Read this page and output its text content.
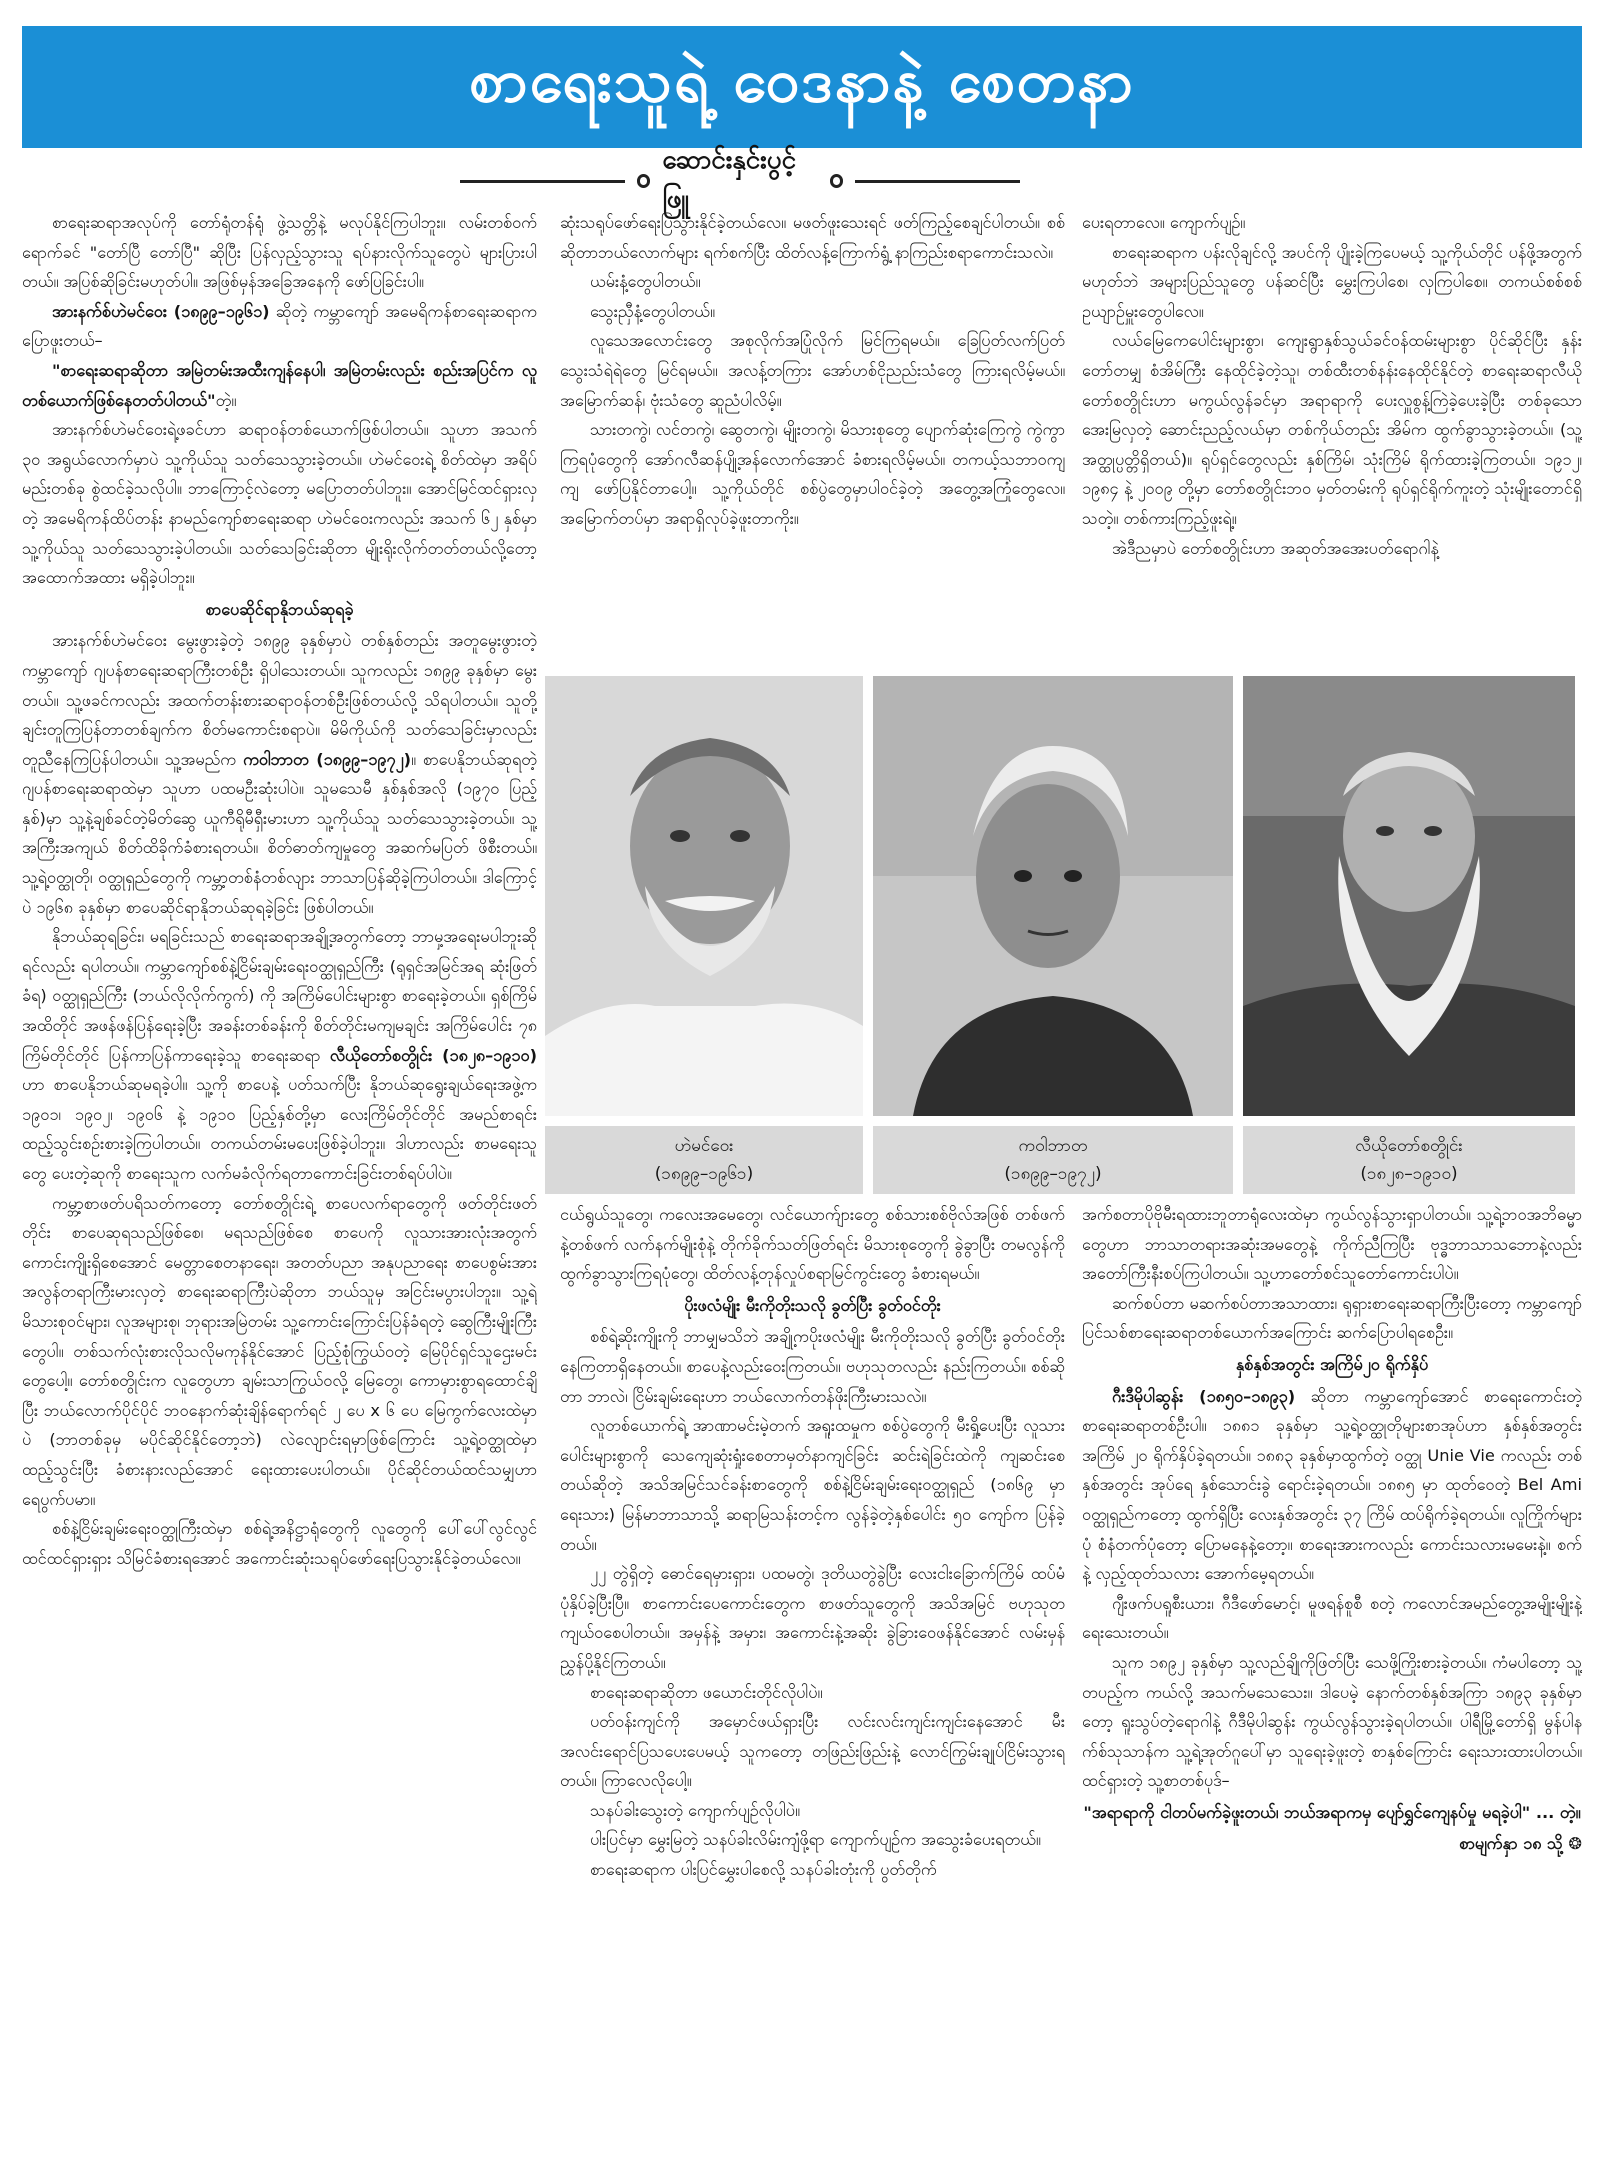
စာရေးသူရဲ့ ဝေဒနာနဲ့ စေတနာ
ဆောင်းနှင်းပွင့်ဖြူ

စာရေးဆရာအလုပ်ကို တော်ရုံတန်ရုံ ဖွဲ့သတ္တိနဲ့ မလုပ်နိုင်ကြပါဘူး။ လမ်းတစ်ဝက်ရောက်ခင် "တော်ပြီ တော်ပြီ" ဆိုပြီး ပြန်လှည့်သွားသူ ရပ်နားလိုက်သူတွေပဲ များပြားပါတယ်။ အပြစ်ဆိုခြင်းမဟုတ်ပါ။ အဖြစ်မှန်အခြေအနေကို ဖော်ပြခြင်းပါ။

အားနက်စ်ဟဲမင်ဝေး (၁၈၉၉–၁၉၆၁) ဆိုတဲ့ ကမ္ဘာကျော် အမေရိကန်စာရေးဆရာက ပြောဖူးတယ်–

"စာရေးဆရာဆိုတာ အမြဲတမ်းအထီးကျန်နေပါ၊ အမြဲတမ်းလည်း စည်းအပြင်က လူတစ်ယောက်ဖြစ်နေတတ်ပါတယ်"တဲ့။

အားနက်စ်ဟဲမင်ဝေးရဲ့ဖခင်ဟာ ဆရာဝန်တစ်ယောက်ဖြစ်ပါတယ်။ သူဟာ အသက် ၃၀ အရွယ်လောက်မှာပဲ သူ့ကိုယ်သူ သတ်သေသွားခဲ့တယ်။ ဟဲမင်ဝေးရဲ့ စိတ်ထဲမှာ အရိပ်မည်းတစ်ခု စွဲထင်ခဲ့သလိုပါ။ ဘာကြောင့်လဲတော့ မပြောတတ်ပါဘူး။ အောင်မြင်ထင်ရှားလှတဲ့ အမေရိကန်ထိပ်တန်း နာမည်ကျော်စာရေးဆရာ ဟဲမင်ဝေးကလည်း အသက် ၆၂ နှစ်မှာ သူ့ကိုယ်သူ သတ်သေသွားခဲ့ပါတယ်။ သတ်သေခြင်းဆိုတာ မျိုးရိုးလိုက်တတ်တယ်လို့တော့ အထောက်အထား မရှိခဲ့ပါဘူး။

စာပေဆိုင်ရာနိုဘယ်ဆုရခဲ့

အားနက်စ်ဟဲမင်ဝေး မွေးဖွားခဲ့တဲ့ ၁၈၉၉ ခုနှစ်မှာပဲ တစ်နှစ်တည်း အတူမွေးဖွားတဲ့ ကမ္ဘာကျော် ဂျပန်စာရေးဆရာကြီးတစ်ဦး ရှိပါသေးတယ်။ သူကလည်း ၁၈၉၉ ခုနှစ်မှာ မွေးတယ်။ သူ့ဖခင်ကလည်း အထက်တန်းစားဆရာဝန်တစ်ဦးဖြစ်တယ်လို့ သိရပါတယ်။ သူတို့ချင်းတူကြပြန်တာတစ်ချက်က စိတ်မကောင်းစရာပဲ။ မိမိကိုယ်ကို သတ်သေခြင်းမှာလည်း တူညီနေကြပြန်ပါတယ်။ သူ့အမည်က ကဝါဘာတ (၁၈၉၉–၁၉၇၂)။ စာပေနိုဘယ်ဆုရတဲ့ဂျပန်စာရေးဆရာထဲမှာ သူဟာ ပထမဦးဆုံးပါပဲ။ သူမသေမီ နှစ်နှစ်အလို (၁၉၇၀ ပြည့်နှစ်)မှာ သူ့နဲ့ချစ်ခင်တဲ့မိတ်ဆွေ ယူကီရိုမီရှီးမားဟာ သူ့ကိုယ်သူ သတ်သေသွားခဲ့တယ်။ သူ့အကြီးအကျယ် စိတ်ထိခိုက်ခံစားရတယ်။ စိတ်ဓာတ်ကျမှုတွေ အဆက်မပြတ် ဖိစီးတယ်။ သူ့ရဲ့ဝတ္ထုတို၊ ဝတ္ထုရှည်တွေကို ကမ္ဘာ့တစ်နံတစ်လျား ဘာသာပြန်ဆိုခဲ့ကြပါတယ်။ ဒါကြောင့်ပဲ ၁၉၆၈ ခုနှစ်မှာ စာပေဆိုင်ရာနိုဘယ်ဆုရခဲ့ခြင်း ဖြစ်ပါတယ်။

နိုဘယ်ဆုရခြင်း၊ မရခြင်းသည် စာရေးဆရာအချို့အတွက်တော့ ဘာမှ့အရေးမပါဘူးဆိုရင်လည်း ရပါတယ်။ ကမ္ဘာကျော်စစ်နဲ့ငြိမ်းချမ်းရေးဝတ္ထုရှည်ကြီး (ရုရှင်အမြင်အရ ဆုံးဖြတ်ခံရ) ဝတ္ထုရှည်ကြီး (ဘယ်လိုလိုက်ကွက်) ကို အကြိမ်ပေါင်းများစွာ စာရေးခဲ့တယ်။ ရှစ်ကြိမ် အထိတိုင် အဖန်ဖန်ပြန်ရေးခဲ့ပြီး အခန်းတစ်ခန်းကို စိတ်တိုင်းမကျမချင်း အကြိမ်ပေါင်း ၇၈ ကြိမ်တိုင်တိုင် ပြန်ကာပြန်ကာရေးခဲ့သူ စာရေးဆရာ လီယိုတော်စတွိုင်း (၁၈၂၈–၁၉၁၀) ဟာ စာပေနိုဘယ်ဆုမရခဲ့ပါ။ သူ့ကို စာပေနဲ့ ပတ်သက်ပြီး နိုဘယ်ဆုရွေးချယ်ရေးအဖွဲ့က ၁၉၀၁၊ ၁၉၀၂၊ ၁၉၀၆ နဲ့ ၁၉၁၀ ပြည့်နှစ်တို့မှာ လေးကြိမ်တိုင်တိုင် အမည်စာရင်း ထည့်သွင်းစဉ်းစားခဲ့ကြပါတယ်။ တကယ်တမ်းမပေးဖြစ်ခဲ့ပါဘူး။ ဒါဟာလည်း စာမရေးသူတွေ ပေးတဲ့ဆုကို စာရေးသူက လက်မခံလိုက်ရတာကောင်းခြင်းတစ်ရပ်ပါပဲ။

ကမ္ဘာ့စာဖတ်ပရိသတ်ကတော့ တော်စတွိုင်းရဲ့ စာပေလက်ရာတွေကို ဖတ်တိုင်းဖတ်တိုင်း စာပေဆုရသည်ဖြစ်စေ၊ မရသည်ဖြစ်စေ စာပေကို လူသားအားလုံးအတွက် ကောင်းကျိုးရှိစေအောင် မေတ္တာစေတနာရေး၊ အတတ်ပညာ အနုပညာရေး စာပေစွမ်းအား အလွန်တရာကြီးမားလှတဲ့ စာရေးဆရာကြီးပဲဆိုတာ ဘယ်သူမှ အငြင်းမပွားပါဘူး။ သူ့ရဲ့မိသားစုဝင်များ၊ လူအများစု၊ ဘုရားအမြဲတမ်း သူ့ကောင်းကြောင်းပြန်ခံရတဲ့ ဆွေကြီးမျိုးကြီးတွေပါ။ တစ်သက်လုံးစားလိုသလိုမကုန်နိုင်အောင် ပြည့်စုံကြွယ်ဝတဲ့ မြေပိုင်ရှင်သူဌေးမင်းတွေပေါ့။ တော်စတွိုင်းက လူတွေဟာ ချမ်းသာကြွယ်ဝလို့ မြေတွေ၊ ကောမှားစွာရထောင်ချိပြီး ဘယ်လောက်ပိုင်ပိုင် ဘဝနောက်ဆုံးချိန်ရောက်ရင် ၂ ပေ x ၆ ပေ မြေကွက်လေးထဲမှာပဲ (ဘာတစ်ခုမှ မပိုင်ဆိုင်နိုင်တော့ဘဲ) လဲလျောင်းရမှာဖြစ်ကြောင်း သူ့ရဲ့ဝတ္ထုထဲမှာ ထည့်သွင်းပြီး ခံစားနားလည်အောင် ရေးထားပေးပါတယ်။ ပိုင်ဆိုင်တယ်ထင်သမျှဟာ ရေပွက်ပမာ။

စစ်နဲ့ငြိမ်းချမ်းရေးဝတ္ထုကြီးထဲမှာ စစ်ရဲ့အနိဋ္ဌာရုံတွေကို လူတွေကို ပေါ်ပေါ်လွင်လွင် ထင်ထင်ရှားရှား သိမြင်ခံစားရအောင် အကောင်းဆုံးသရုပ်ဖော်ရေးပြသွားနိုင်ခဲ့တယ်လေ။

ဆုံးသရုပ်ဖော်ရေးပြသွားနိုင်ခဲ့တယ်လေ။ မဖတ်ဖူးသေးရင် ဖတ်ကြည့်စေချင်ပါတယ်။ စစ်ဆိုတာဘယ်လောက်များ ရက်စက်ပြီး ထိတ်လန့်ကြောက်ရွံ့ နာကြည်းစရာကောင်းသလဲ။

ယမ်းနံ့တွေပါတယ်။

သွေးညှီနံ့တွေပါတယ်။

လူသေအလောင်းတွေ အစုလိုက်အပြုံလိုက် မြင်ကြရမယ်။ ခြေပြတ်လက်ပြတ် သွေးသံရဲရဲတွေ မြင်ရမယ်။ အလန့်တကြား အော်ဟစ်ငိုညည်းသံတွေ ကြားရလိမ့်မယ်။ အမြောက်ဆန်၊ ဗုံးသံတွေ ဆူညံပါလိမ့်။

သားတကွဲ၊ လင်တကွဲ၊ ဆွေတကွဲ၊ မျိုးတကွဲ၊ မိသားစုတွေ ပျောက်ဆုံးကြေကွဲ ကွဲကွာကြရပုံတွေကို အော်ဂလီဆန်ပျို့အန်လောက်အောင် ခံစားရလိမ့်မယ်။ တကယ့်သဘာဝကျကျ ဖော်ပြနိုင်တာပေါ့။ သူ့ကိုယ်တိုင် စစ်ပွဲတွေမှာပါဝင်ခဲ့တဲ့ အတွေ့အကြုံတွေလေ။ အမြောက်တပ်မှာ အရာရှိလုပ်ခဲ့ဖူးတာကိုး။

ပေးရတာလေ။ ကျောက်ပျဉ်။

စာရေးဆရာက ပန်းလိုချင်လို့ အပင်ကို ပျိုးခဲ့ကြပေမယ့် သူ့ကိုယ်တိုင် ပန်ဖို့အတွက်မဟုတ်ဘဲ အများပြည်သူတွေ ပန်ဆင်ပြီး မွှေးကြပါစေ၊ လှကြပါစေ။ တကယ်စစ်စစ် ဥယျာဉ်မှူးတွေပါလေ။

လယ်မြေကေပေါင်းများစွာ၊ ကျေးရွာနှစ်သွယ်ခင်ဝန်ထမ်းများစွာ ပိုင်ဆိုင်ပြီး နှန်းတော်တမျှ စံအိမ်ကြီး နေထိုင်ခဲ့တဲ့သူ၊ တစ်ထီးတစ်နန်းနေထိုင်နိုင်တဲ့ စာရေးဆရာလီယိုတော်စတွိုင်းဟာ မကွယ်လွန်ခင်မှာ အရာရာကို ပေးလှူစွန့်ကြဲခဲ့ပေးခဲ့ပြီး တစ်ခုသော အေးမြလှတဲ့ ဆောင်းညည့်လယ်မှာ တစ်ကိုယ်တည်း အိမ်က ထွက်ခွာသွားခဲ့တယ်။ (သူ့အတ္ထုပ္ပတ္တိရှိတယ်)။ ရုပ်ရှင်တွေလည်း နှစ်ကြိမ်၊ သုံးကြိမ် ရိုက်ထားခဲ့ကြတယ်။ ၁၉၁၂၊ ၁၉၈၄ နဲ့ ၂၀၀၉ တို့မှာ တော်စတွိုင်းဘဝ မှတ်တမ်းကို ရုပ်ရှင်ရိုက်ကူးတဲ့ သုံးမျိုးတောင်ရှိသတဲ့။ တစ်ကားကြည့်ဖူးရဲ့။

အဲဒီညမှာပဲ တော်စတွိုင်းဟာ အဆုတ်အအေးပတ်ရောဂါနဲ့

ဟဲမင်ဝေး
(၁၈၉၉–၁၉၆၁)
ကဝါဘာတ
(၁၈၉၉–၁၉၇၂)
လီယိုတော်စတွိုင်း
(၁၈၂၈–၁၉၁၀)

ငယ်ရွယ်သူတွေ၊ ကလေးအမေတွေ၊ လင်ယောက်ျားတွေ စစ်သားစစ်ဗိုလ်အဖြစ် တစ်ဖက်နဲ့တစ်ဖက် လက်နက်မျိုးစုံနဲ့ တိုက်ခိုက်သတ်ဖြတ်ရင်း မိသားစုတွေကို ခွဲခွာပြီး တမလွန်ကို ထွက်ခွာသွားကြရပုံတွေ၊ ထိတ်လန့်တုန်လှုပ်စရာမြင်ကွင်းတွေ ခံစားရမယ်။

ပိုးဖလံမျိုး မီးကိုတိုးသလို ခွတ်ပြီး ခွတ်ဝင်တိုး

စစ်ရဲ့ဆိုးကျိုးကို ဘာမျှမသိဘဲ အချို့ကပိုးဖလံမျိုး မီးကိုတိုးသလို ခွတ်ပြီး ခွတ်ဝင်တိုးနေကြတာရှိနေတယ်။ စာပေနဲ့လည်းဝေးကြတယ်။ ဗဟုသုတလည်း နည်းကြတယ်။ စစ်ဆိုတာ ဘာလဲ၊ ငြိမ်းချမ်းရေးဟာ ဘယ်လောက်တန်ဖိုးကြီးမားသလဲ။

လူတစ်ယောက်ရဲ့ အာဏာမင်းမဲ့တက် အရူးထမှုက စစ်ပွဲတွေကို မီးရှို့ပေးပြီး လူသားပေါင်းများစွာကို သေကျေဆုံးရှုံးစေတာမှတ်နာကျင်ခြင်း ဆင်းရဲခြင်းထဲကို ကျဆင်းစေတယ်ဆိုတဲ့ အသိအမြင်သင်ခန်းစာတွေကို စစ်နဲ့ငြိမ်းချမ်းရေးဝတ္ထုရှည် (၁၈၆၉ မှာ ရေးသား) မြန်မာဘာသာသို့ ဆရာမြသန်းတင့်က လွန်ခဲ့တဲ့နှစ်ပေါင်း ၅၀ ကျော်က ပြန်ခဲ့တယ်။

၂၂ တွဲရှိတဲ့ ဓောင်ရေမှားရှား၊ ပထမတွဲ၊ ဒုတိယတွဲခွဲပြီး လေးငါးခြောက်ကြိမ် ထပ်မံပုံနှိပ်ခဲ့ပြီးပြီ။ စာကောင်းပေကောင်းတွေက စာဖတ်သူတွေကို အသိအမြင် ဗဟုသုတ ကျယ်ဝစေပါတယ်။ အမှန်နဲ့ အမှား၊ အကောင်းနဲ့အဆိုး ခွဲခြားဝေဖန်နိုင်အောင် လမ်းမှန်ညွှန်ပို့နိုင်ကြတယ်။

စာရေးဆရာဆိုတာ ဖယောင်းတိုင်လိုပါပဲ။

ပတ်ဝန်းကျင်ကို အမှောင်ဖယ်ရှားပြီး လင်းလင်းကျင်းကျင်းနေအောင် မီးအလင်းရောင်ပြသပေးပေမယ့် သူကတော့ တဖြည်းဖြည်းနဲ့ လောင်ကြွမ်းချုပ်ငြိမ်းသွားရတယ်။ ကြာလေလိုပေါ့။

သနပ်ခါးသွေးတဲ့ ကျောက်ပျဉ်လိုပါပဲ။

ပါးပြင်မှာ မွှေးမြတဲ့ သနပ်ခါးလိမ်းကျံဖို့ရာ ကျောက်ပျဉ်က အသွေးခံပေးရတယ်။

စာရေးဆရာက ပါးပြင်မွှေးပါစေလို့ သနပ်ခါးတုံးကို ပွတ်တိုက်

အက်စတာပိုဗိုမီးရထားဘူတာရုံလေးထဲမှာ ကွယ်လွန်သွားရှာပါတယ်။ သူ့ရဲ့ဘဝအဘိဓမ္မာတွေဟာ ဘာသာတရားအဆုံးအမတွေနဲ့ ကိုက်ညီကြပြီး ဗုဒ္ဓဘာသာသဘောနဲ့လည်း အတော်ကြီးနီးစပ်ကြပါတယ်။ သူ့ဟာတော်စင်သူတော်ကောင်းပါပဲ။

ဆက်စပ်တာ မဆက်စပ်တာအသာထား၊ ရုရှားစာရေးဆရာကြီးပြီးတော့ ကမ္ဘာကျော် ပြင်သစ်စာရေးဆရာတစ်ယောက်အကြောင်း ဆက်ပြောပါရစေဦး။

နှစ်နှစ်အတွင်း အကြိမ်၂၀ ရိုက်နှိပ်

ဂီးဒီမိုပါဆွန်း (၁၈၅၀–၁၈၉၃) ဆိုတာ ကမ္ဘာကျော်အောင် စာရေးကောင်းတဲ့ စာရေးဆရာတစ်ဦးပါ။ ၁၈၈၁ ခုနှစ်မှာ သူ့ရဲ့ဝတ္ထုတိုများစာအုပ်ဟာ နှစ်နှစ်အတွင်း အကြိမ် ၂၀ ရိုက်နှိပ်ခဲ့ရတယ်။ ၁၈၈၃ ခုနှစ်မှာထွက်တဲ့ ဝတ္ထု Unie Vie ကလည်း တစ်နှစ်အတွင်း အုပ်ရေ နှစ်သောင်းခွဲ ရောင်းခဲ့ရတယ်။ ၁၈၈၅ မှာ ထုတ်ဝေတဲ့ Bel Ami ဝတ္ထုရှည်ကတော့ ထွက်ရှိပြီး လေးနှစ်အတွင်း ၃၇ ကြိမ် ထပ်ရိုက်ခဲ့ရတယ်။ လူကြိုက်များပုံ စံနံတက်ပုံတော့ ပြောမနေနဲ့တော့။ စာရေးအားကလည်း ကောင်းသလားမမေးနဲ့။ စက်နဲ့ လှည့်ထုတ်သလား အောက်မေ့ရတယ်။

ဂျီးဖက်ပရူစီးယား၊ ဂီဒီဖော်မောင့်၊ မူဖရန်စူစီ စတဲ့ ကလောင်အမည်တွေ့အမျိုးမျိုးနဲ့ ရေးသေးတယ်။

သူက ၁၈၉၂ ခုနှစ်မှာ သူ့လည်ချိုကိုဖြတ်ပြီး သေဖို့ကြိုးစားခဲ့တယ်။ ကံမပါတော့ သူ့တပည့်က ကယ်လို့ အသက်မသေသေး။ ဒါပေမဲ့ နောက်တစ်နှစ်အကြာ ၁၈၉၃ ခုနှစ်မှာတော့ ရူးသွပ်တဲ့ရောဂါနဲ့ ဂီဒီမိုပါဆွန်း ကွယ်လွန်သွားခဲ့ရပါတယ်။ ပါရီမြို့တော်ရှိ မွန်ပါနက်စ်သုသာန်က သူ့ရဲ့အုတ်ဂူပေါ်မှာ သူရေးခဲ့ဖူးတဲ့ စာနှစ်ကြောင်း ရေးသားထားပါတယ်။ ထင်ရှားတဲ့ သူ့စာတစ်ပုဒ်–

"အရာရာကို ငါတပ်မက်ခဲ့ဖူးတယ်၊ ဘယ်အရာကမှ ပျော်ရွှင်ကျေနပ်မှု မရခဲ့ပါ" ... တဲ့။

စာမျက်နှာ ၁၈ သို့ ❂
